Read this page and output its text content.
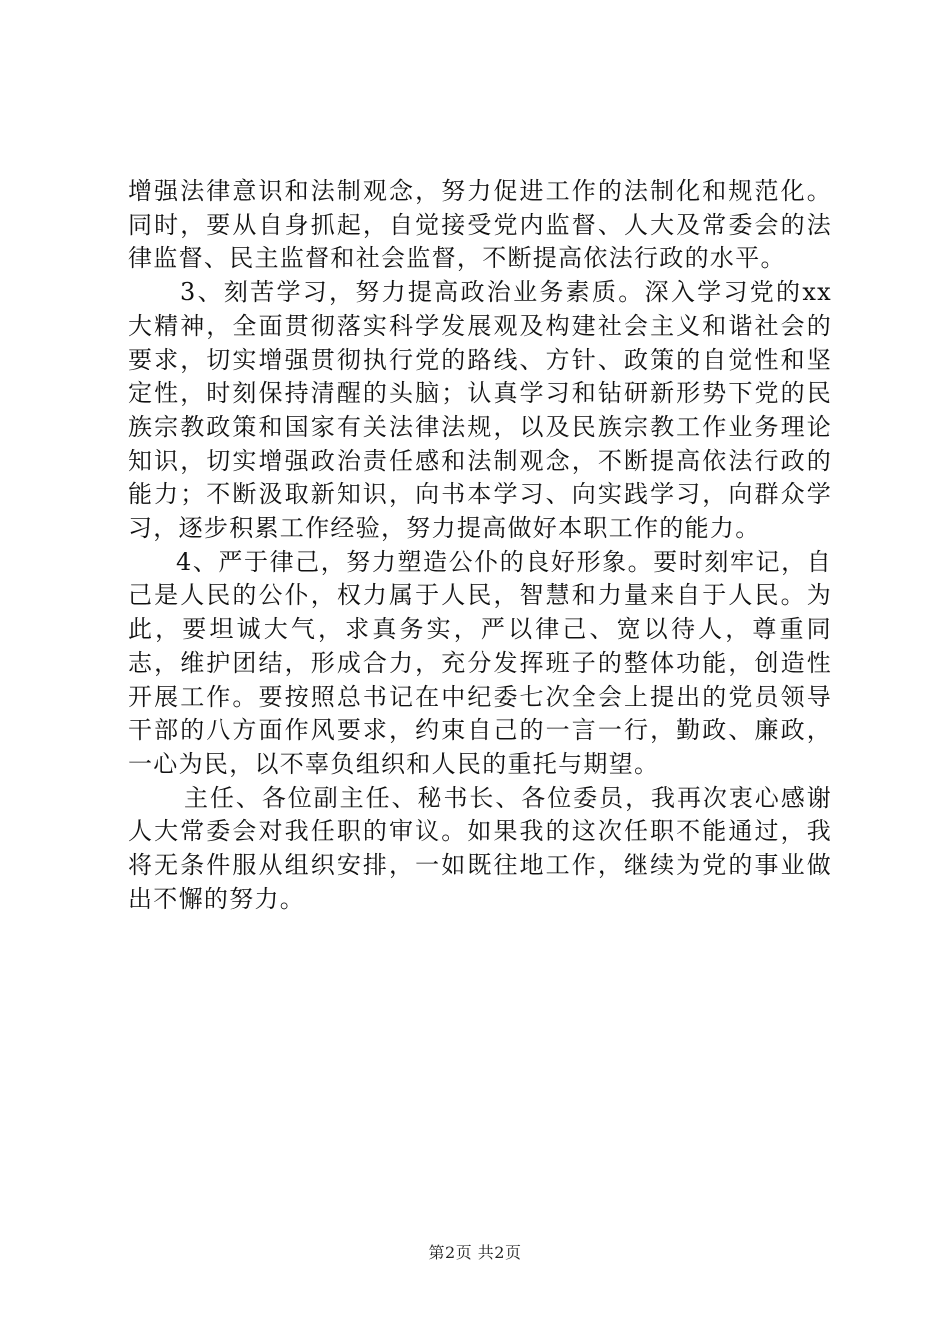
增强法律意识和法制观念，努力促进工作的法制化和规范化。同时，要从自身抓起，自觉接受党内监督、人大及常委会的法律监督、民主监督和社会监督，不断提高依法行政的水平。

3、刻苦学习，努力提高政治业务素质。深入学习党的xx大精神，全面贯彻落实科学发展观及构建社会主义和谐社会的要求，切实增强贯彻执行党的路线、方针、政策的自觉性和坚定性，时刻保持清醒的头脑；认真学习和钻研新形势下党的民族宗教政策和国家有关法律法规，以及民族宗教工作业务理论知识，切实增强政治责任感和法制观念，不断提高依法行政的能力；不断汲取新知识，向书本学习、向实践学习，向群众学习，逐步积累工作经验，努力提高做好本职工作的能力。

4、严于律己，努力塑造公仆的良好形象。要时刻牢记，自己是人民的公仆，权力属于人民，智慧和力量来自于人民。为此，要坦诚大气，求真务实，严以律己、宽以待人，尊重同志，维护团结，形成合力，充分发挥班子的整体功能，创造性开展工作。要按照总书记在中纪委七次全会上提出的党员领导干部的八方面作风要求，约束自己的一言一行，勤政、廉政，一心为民，以不辜负组织和人民的重托与期望。

主任、各位副主任、秘书长、各位委员，我再次衷心感谢人大常委会对我任职的审议。如果我的这次任职不能通过，我将无条件服从组织安排，一如既往地工作，继续为党的事业做出不懈的努力。

第2页 共2页
